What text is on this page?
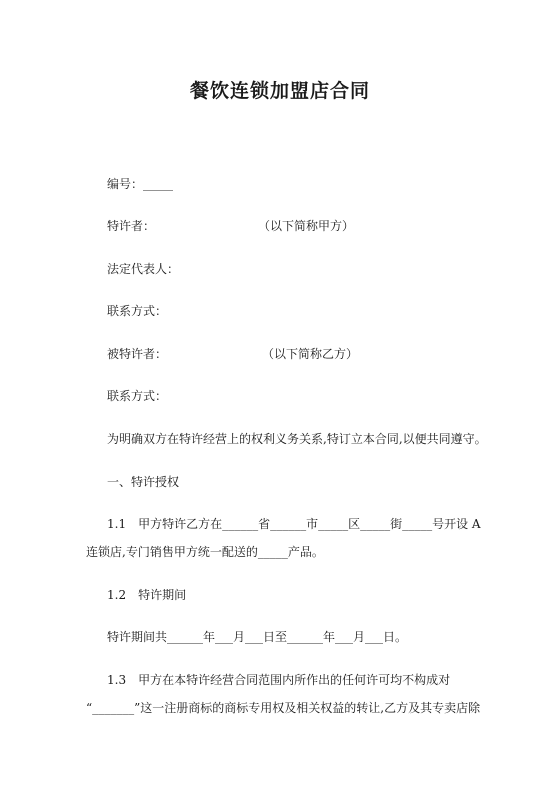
餐饮连锁加盟店合同
编号：_____
特许者：	（以下简称甲方）
法定代表人：
联系方式：
被特许者：	（以下简称乙方）
联系方式：
为明确双方在特许经营上的权利义务关系,特订立本合同,以便共同遵守。
一、特许授权
1.1　甲方特许乙方在______省______市_____区_____街_____号开设 A
连锁店,专门销售甲方统一配送的_____产品。
1.2　特许期间
特许期间共______年___月___日至______年___月___日。
1.3　甲方在本特许经营合同范围内所作出的任何许可均不构成对
“_______”这一注册商标的商标专用权及相关权益的转让,乙方及其专卖店除
